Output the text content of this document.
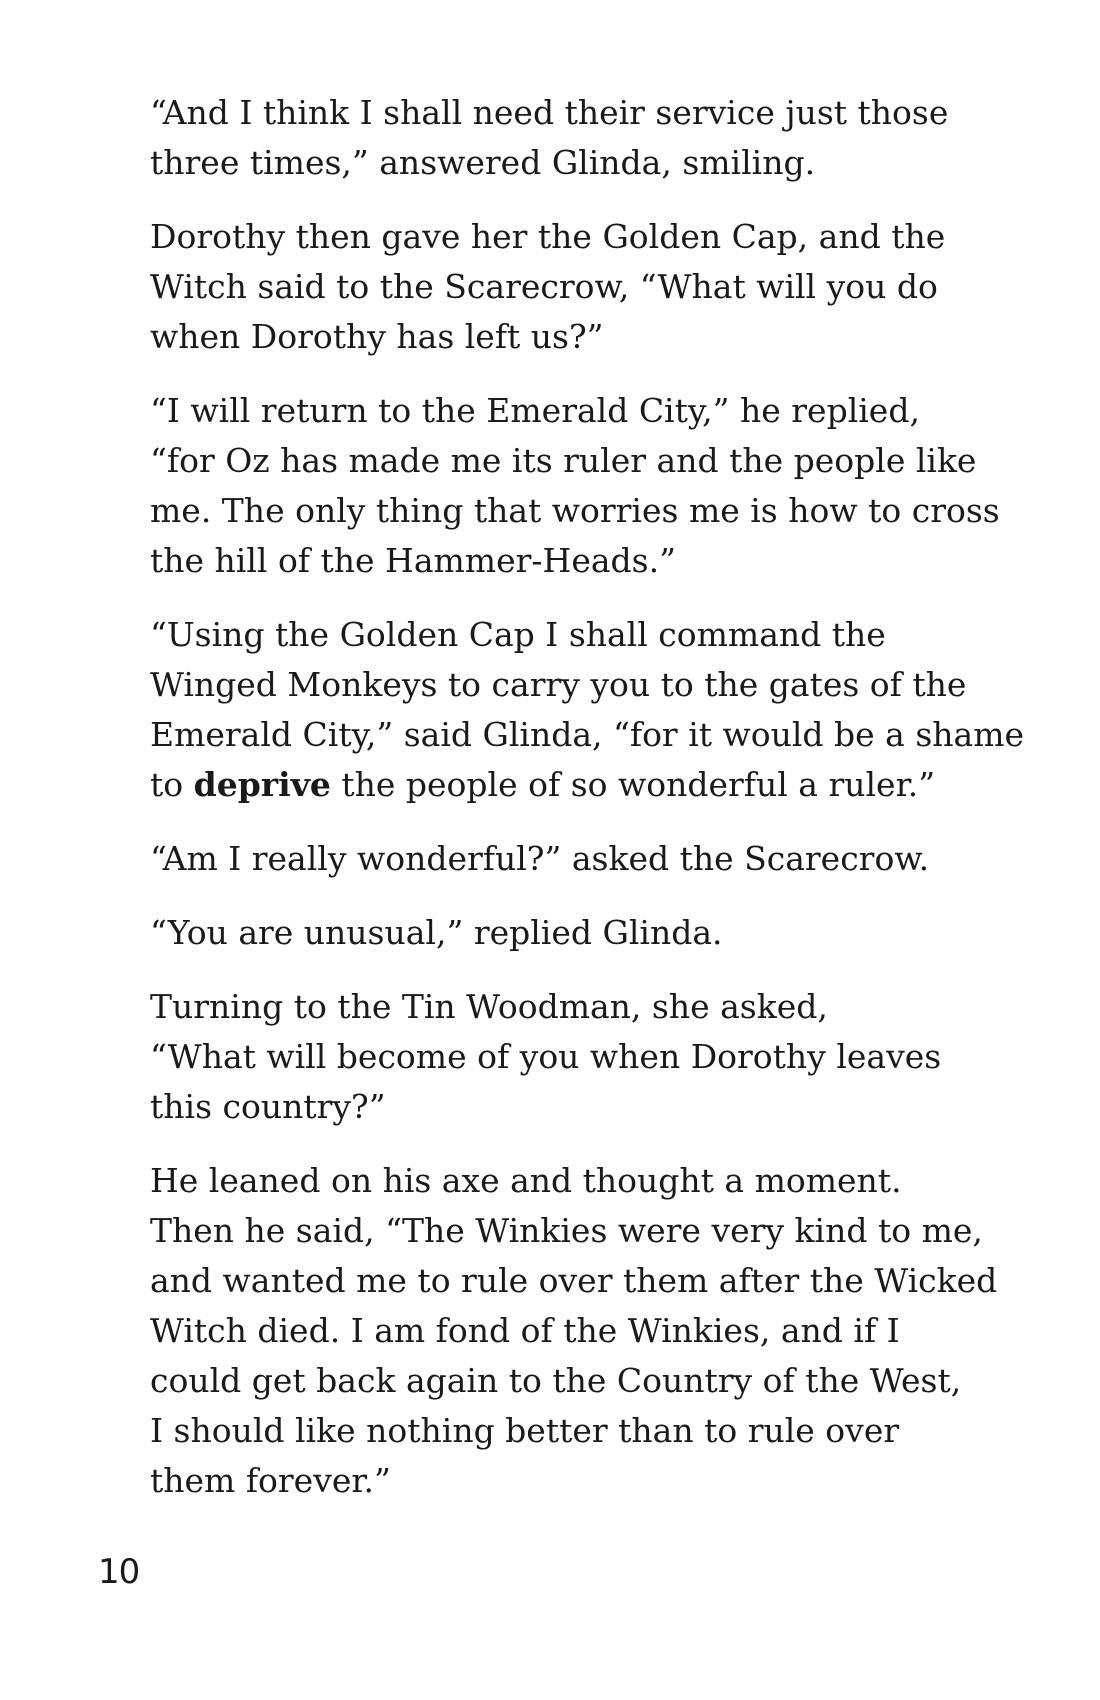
“And I think I shall need their service just those
three times,” answered Glinda, smiling.

Dorothy then gave her the Golden Cap, and the
Witch said to the Scarecrow, “What will you do
when Dorothy has left us?”

“I will return to the Emerald City,” he replied,
“for Oz has made me its ruler and the people like
me. The only thing that worries me is how to cross
the hill of the Hammer-Heads.”

“Using the Golden Cap I shall command the
Winged Monkeys to carry you to the gates of the
Emerald City,” said Glinda, “for it would be a shame
to deprive the people of so wonderful a ruler.”

“Am I really wonderful?” asked the Scarecrow.

“You are unusual,” replied Glinda.

Turning to the Tin Woodman, she asked,
“What will become of you when Dorothy leaves
this country?”

He leaned on his axe and thought a moment.
Then he said, “The Winkies were very kind to me,
and wanted me to rule over them after the Wicked
Witch died. I am fond of the Winkies, and if I
could get back again to the Country of the West,
I should like nothing better than to rule over
them forever.”

10
